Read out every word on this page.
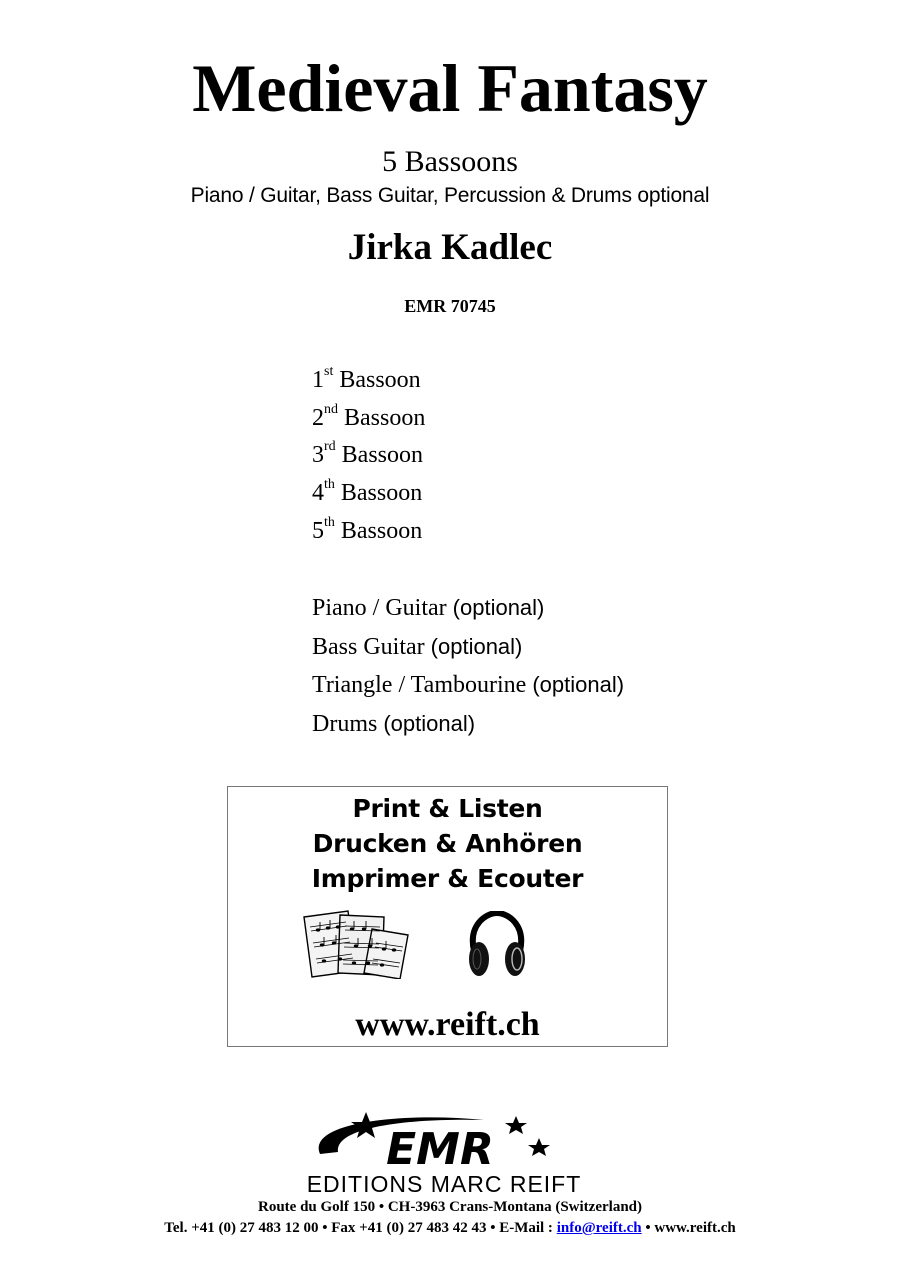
Medieval Fantasy
5 Bassoons
Piano / Guitar, Bass Guitar, Percussion & Drums optional
Jirka Kadlec
EMR 70745
1st Bassoon
2nd Bassoon
3rd Bassoon
4th Bassoon
5th Bassoon
Piano / Guitar (optional)
Bass Guitar (optional)
Triangle / Tambourine (optional)
Drums (optional)
Print & Listen
Drucken & Anhören
Imprimer & Ecouter
www.reift.ch
EMR
EDITIONS MARC REIFT
Route du Golf 150 • CH-3963 Crans-Montana (Switzerland)
Tel. +41 (0) 27 483 12 00 • Fax +41 (0) 27 483 42 43 • E-Mail : info@reift.ch • www.reift.ch
